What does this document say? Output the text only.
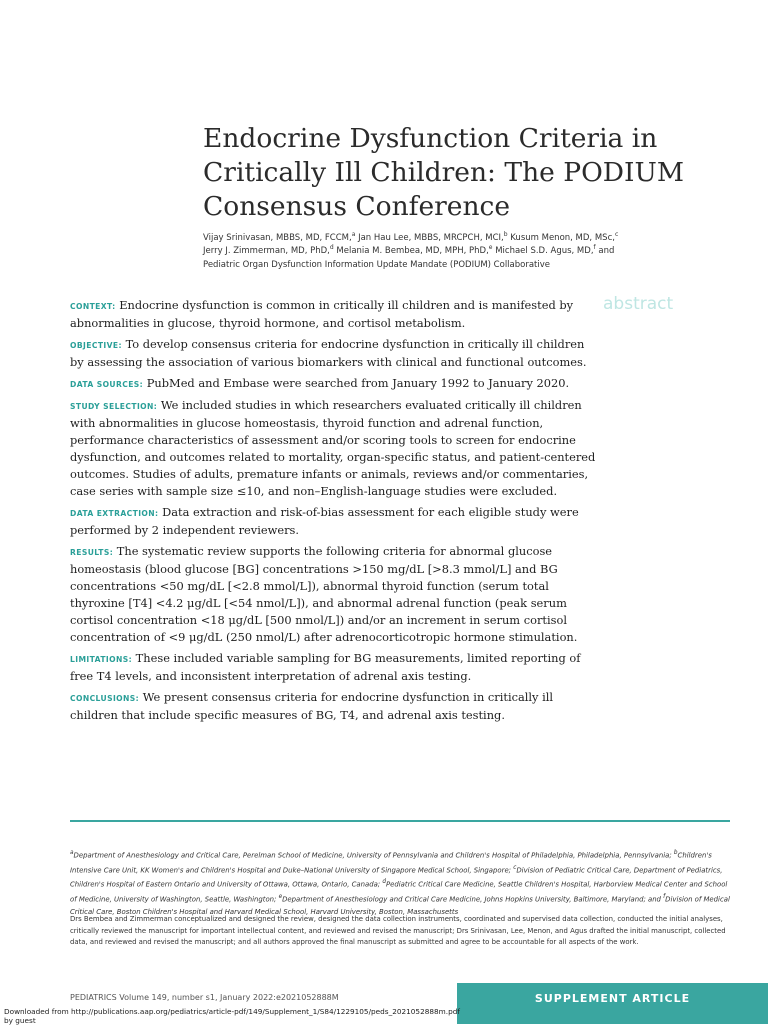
Endocrine Dysfunction Criteria in
Critically Ill Children: The PODIUM
Consensus Conference
Vijay Srinivasan, MBBS, MD, FCCM,$^a$ Jan Hau Lee, MBBS, MRCPCH, MCI,$^b$ Kusum Menon, MD, MSc,$^c$
Jerry J. Zimmerman, MD, PhD,$^d$ Melania M. Bembea, MD, MPH, PhD,$^e$ Michael S.D. Agus, MD,$^f$ and
Pediatric Organ Dysfunction Information Update Mandate (PODIUM) Collaborative
abstract

CONTEXT: Endocrine dysfunction is common in critically ill children and is manifested by abnormalities in glucose, thyroid hormone, and cortisol metabolism.

OBJECTIVE: To develop consensus criteria for endocrine dysfunction in critically ill children by assessing the association of various biomarkers with clinical and functional outcomes.

DATA SOURCES: PubMed and Embase were searched from January 1992 to January 2020.

STUDY SELECTION: We included studies in which researchers evaluated critically ill children with abnormalities in glucose homeostasis, thyroid function and adrenal function, performance characteristics of assessment and/or scoring tools to screen for endocrine dysfunction, and outcomes related to mortality, organ-specific status, and patient-centered outcomes. Studies of adults, premature infants or animals, reviews and/or commentaries, case series with sample size ≤10, and non–English-language studies were excluded.

DATA EXTRACTION: Data extraction and risk-of-bias assessment for each eligible study were performed by 2 independent reviewers.

RESULTS: The systematic review supports the following criteria for abnormal glucose homeostasis (blood glucose [BG] concentrations >150 mg/dL [>8.3 mmol/L] and BG concentrations <50 mg/dL [<2.8 mmol/L]), abnormal thyroid function (serum total thyroxine [T4] <4.2 μg/dL [<54 nmol/L]), and abnormal adrenal function (peak serum cortisol concentration <18 μg/dL [500 nmol/L]) and/or an increment in serum cortisol concentration of <9 μg/dL (250 nmol/L) after adrenocorticotropic hormone stimulation.

LIMITATIONS: These included variable sampling for BG measurements, limited reporting of free T4 levels, and inconsistent interpretation of adrenal axis testing.

CONCLUSIONS: We present consensus criteria for endocrine dysfunction in critically ill children that include specific measures of BG, T4, and adrenal axis testing.

$^a$Department of Anesthesiology and Critical Care, Perelman School of Medicine, University of Pennsylvania and Children's Hospital of Philadelphia, Philadelphia, Pennsylvania; $^b$Children's Intensive Care Unit, KK Women's and Children's Hospital and Duke–National University of Singapore Medical School, Singapore; $^c$Division of Pediatric Critical Care, Department of Pediatrics, Children's Hospital of Eastern Ontario and University of Ottawa, Ottawa, Ontario, Canada; $^d$Pediatric Critical Care Medicine, Seattle Children's Hospital, Harborview Medical Center and School of Medicine, University of Washington, Seattle, Washington; $^e$Department of Anesthesiology and Critical Care Medicine, Johns Hopkins University, Baltimore, Maryland; and $^f$Division of Medical Critical Care, Boston Children's Hospital and Harvard Medical School, Harvard University, Boston, Massachusetts
Drs Bembea and Zimmerman conceptualized and designed the review, designed the data collection instruments, coordinated and supervised data collection, conducted the initial analyses, critically reviewed the manuscript for important intellectual content, and reviewed and revised the manuscript; Drs Srinivasan, Lee, Menon, and Agus drafted the initial manuscript, collected data, and reviewed and revised the manuscript; and all authors approved the final manuscript as submitted and agree to be accountable for all aspects of the work.
PEDIATRICS Volume 149, number s1, January 2022:e2021052888M	SUPPLEMENT ARTICLE
Downloaded from http://publications.aap.org/pediatrics/article-pdf/149/Supplement_1/S84/1229105/peds_2021052888m.pdf
by guest
